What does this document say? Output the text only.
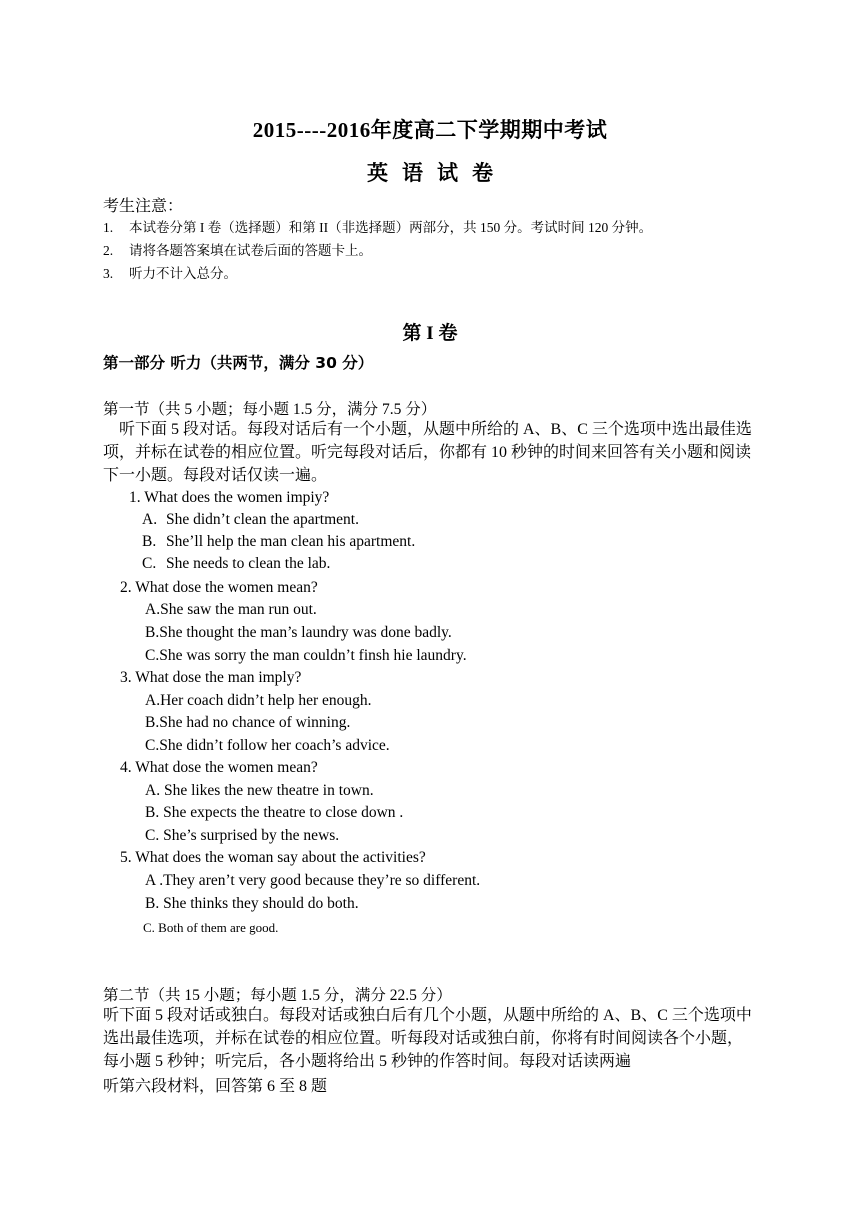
2015----2016年度高二下学期期中考试
英语试卷
考生注意：
1. 本试卷分第 I 卷（选择题）和第 II（非选择题）两部分，共 150 分。考试时间 120 分钟。
2. 请将各题答案填在试卷后面的答题卡上。
3. 听力不计入总分。
第 I 卷
第一部分 听力（共两节，满分 30 分）
第一节（共 5 小题；每小题 1.5 分，满分 7.5 分）

听下面 5 段对话。每段对话后有一个小题，从题中所给的 A、B、C 三个选项中选出最佳选项，并标在试卷的相应位置。听完每段对话后，你都有 10 秒钟的时间来回答有关小题和阅读下一小题。每段对话仅读一遍。

1. What does the women impiy?
A. She didn’t clean the apartment.
B. She’ll help the man clean his apartment.
C. She needs to clean the lab.
2. What dose the women mean?
A.She saw the man run out.
B.She thought the man’s laundry was done badly.
C.She was sorry the man couldn’t finsh hie laundry.
3. What dose the man imply?
A.Her coach didn’t help her enough.
B.She had no chance of winning.
C.She didn’t follow her coach’s advice.
4. What dose the women mean?
A. She likes the new theatre in town.
B. She expects the theatre to close down .
C. She’s surprised by the news.
5. What does the woman say about the activities?
A .They aren’t very good because they’re so different.
B. She thinks they should do both.
C. Both of them are good.
第二节（共 15 小题；每小题 1.5 分，满分 22.5 分）

听下面 5 段对话或独白。每段对话或独白后有几个小题，从题中所给的 A、B、C 三个选项中选出最佳选项，并标在试卷的相应位置。听每段对话或独白前，你将有时间阅读各个小题，每小题 5 秒钟；听完后，各小题将给出 5 秒钟的作答时间。每段对话读两遍

听第六段材料，回答第 6 至 8 题
